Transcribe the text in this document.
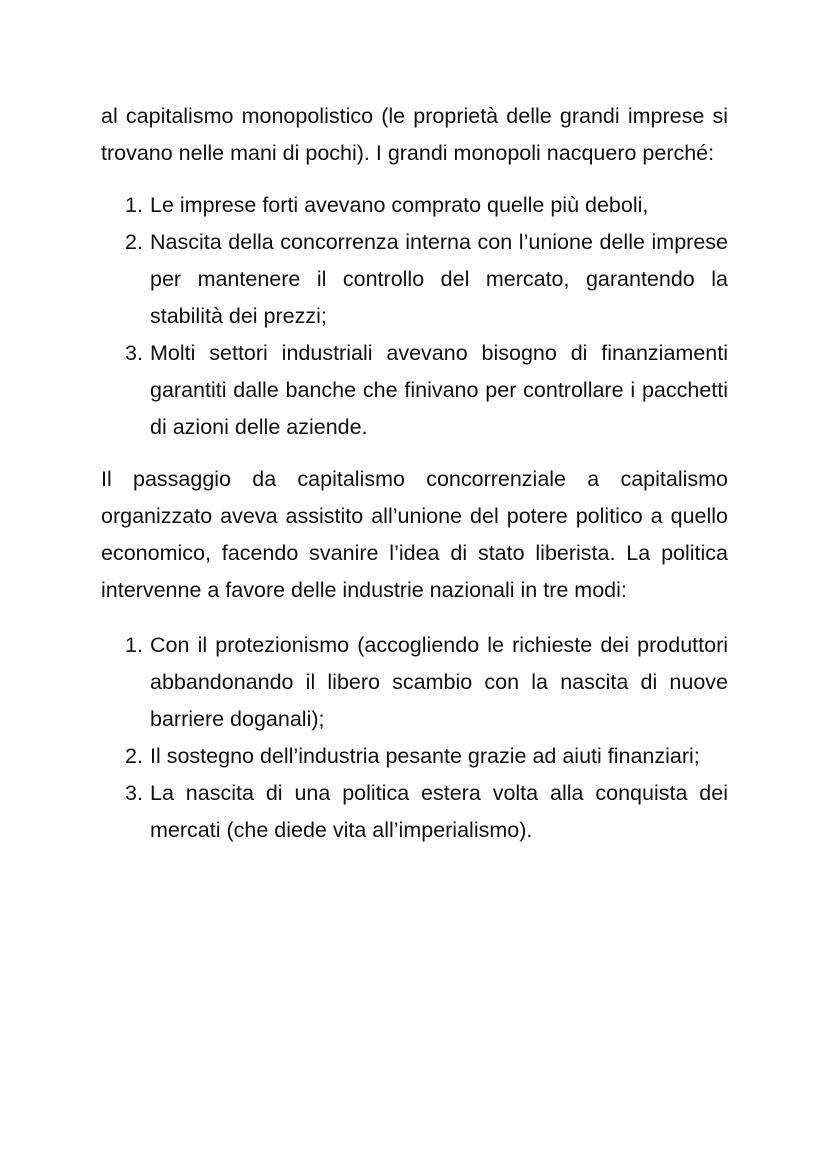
al capitalismo monopolistico (le proprietà delle grandi imprese si trovano nelle mani di pochi). I grandi monopoli nacquero perché:

1. Le imprese forti avevano comprato quelle più deboli,
2. Nascita della concorrenza interna con l’unione delle imprese per mantenere il controllo del mercato, garantendo la stabilità dei prezzi;
3. Molti settori industriali avevano bisogno di finanziamenti garantiti dalle banche che finivano per controllare i pacchetti di azioni delle aziende.

Il passaggio da capitalismo concorrenziale a capitalismo organizzato aveva assistito all’unione del potere politico a quello economico, facendo svanire l’idea di stato liberista. La politica intervenne a favore delle industrie nazionali in tre modi:

1. Con il protezionismo (accogliendo le richieste dei produttori abbandonando il libero scambio con la nascita di nuove barriere doganali);
2. Il sostegno dell’industria pesante grazie ad aiuti finanziari;
3. La nascita di una politica estera volta alla conquista dei mercati (che diede vita all’imperialismo).
